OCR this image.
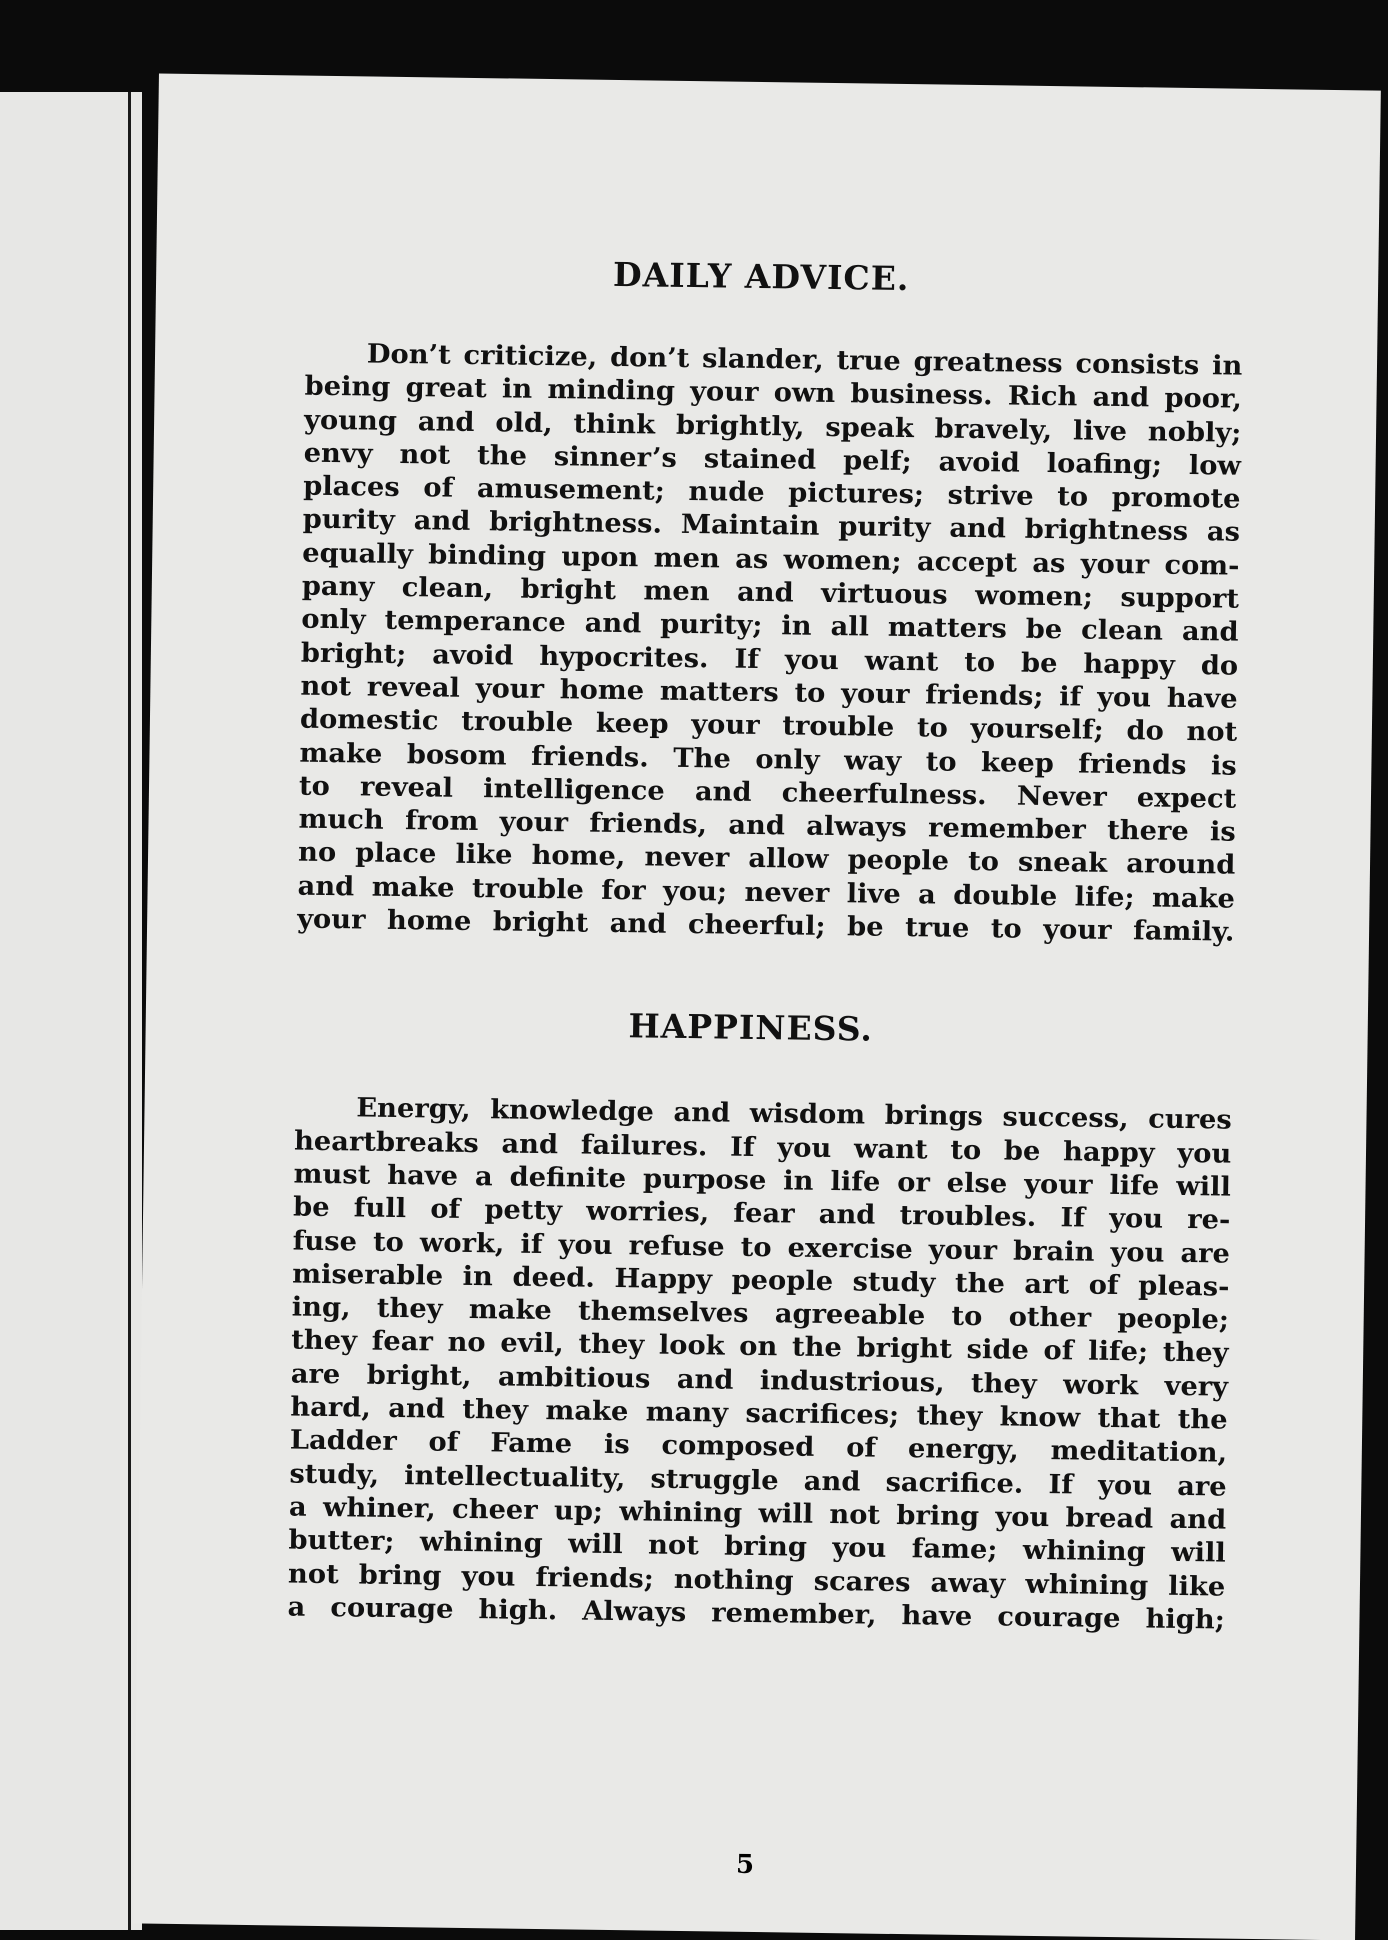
DAILY ADVICE.
Don’t criticize, don’t slander, true greatness consists in
being great in minding your own business. Rich and poor,
young and old, think brightly, speak bravely, live nobly;
envy not the sinner’s stained pelf; avoid loafing; low
places of amusement; nude pictures; strive to promote
purity and brightness. Maintain purity and brightness as
equally binding upon men as women; accept as your com-
pany clean, bright men and virtuous women; support
only temperance and purity; in all matters be clean and
bright; avoid hypocrites. If you want to be happy do
not reveal your home matters to your friends; if you have
domestic trouble keep your trouble to yourself; do not
make bosom friends. The only way to keep friends is
to reveal intelligence and cheerfulness. Never expect
much from your friends, and always remember there is
no place like home, never allow people to sneak around
and make trouble for you; never live a double life; make
your home bright and cheerful; be true to your family.
HAPPINESS.
Energy, knowledge and wisdom brings success, cures
heartbreaks and failures. If you want to be happy you
must have a definite purpose in life or else your life will
be full of petty worries, fear and troubles. If you re-
fuse to work, if you refuse to exercise your brain you are
miserable in deed. Happy people study the art of pleas-
ing, they make themselves agreeable to other people;
they fear no evil, they look on the bright side of life; they
are bright, ambitious and industrious, they work very
hard, and they make many sacrifices; they know that the
Ladder of Fame is composed of energy, meditation,
study, intellectuality, struggle and sacrifice. If you are
a whiner, cheer up; whining will not bring you bread and
butter; whining will not bring you fame; whining will
not bring you friends; nothing scares away whining like
a courage high. Always remember, have courage high;
5
